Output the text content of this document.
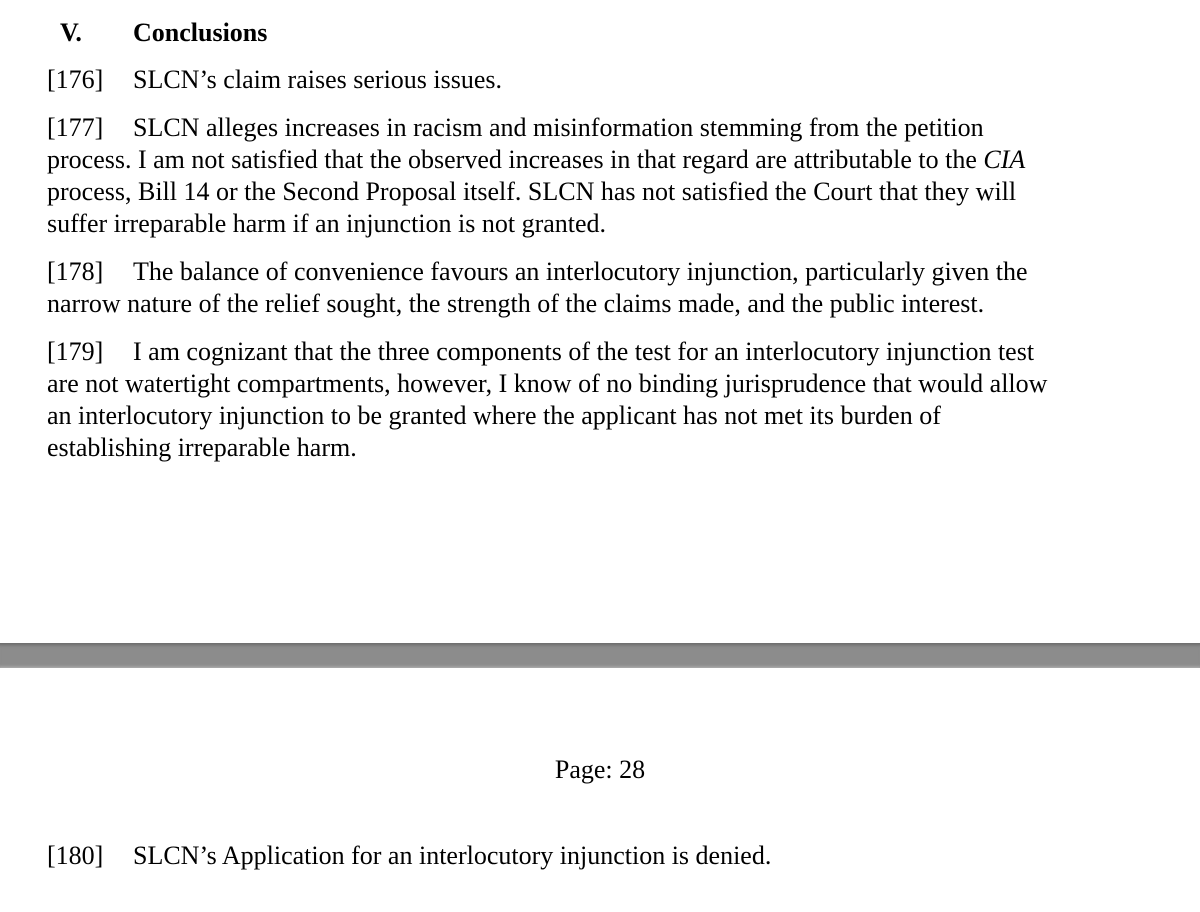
V. Conclusions
[176] SLCN’s claim raises serious issues.
[177] SLCN alleges increases in racism and misinformation stemming from the petition
process. I am not satisfied that the observed increases in that regard are attributable to the CIA
process, Bill 14 or the Second Proposal itself. SLCN has not satisfied the Court that they will
suffer irreparable harm if an injunction is not granted.
[178] The balance of convenience favours an interlocutory injunction, particularly given the
narrow nature of the relief sought, the strength of the claims made, and the public interest.
[179] I am cognizant that the three components of the test for an interlocutory injunction test
are not watertight compartments, however, I know of no binding jurisprudence that would allow
an interlocutory injunction to be granted where the applicant has not met its burden of
establishing irreparable harm.
Page: 28
[180] SLCN’s Application for an interlocutory injunction is denied.
